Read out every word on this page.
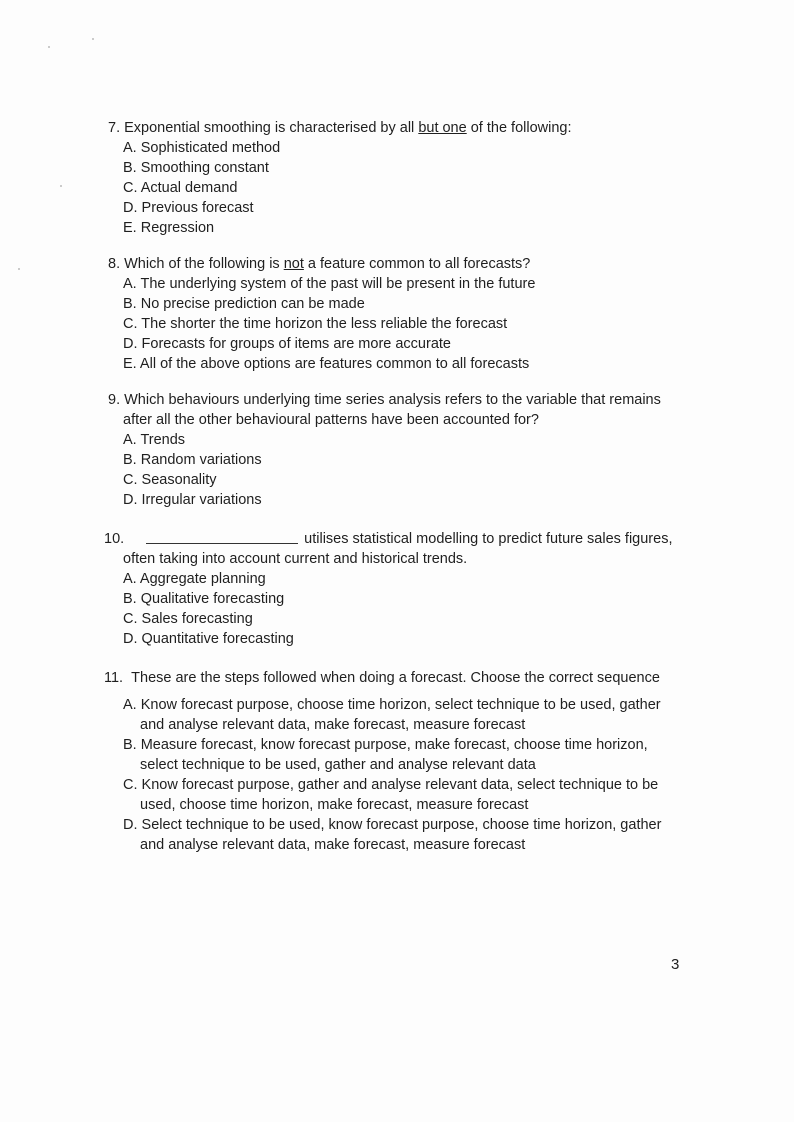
7. Exponential smoothing is characterised by all but one of the following:
A. Sophisticated method
B. Smoothing constant
C. Actual demand
D. Previous forecast
E. Regression
8. Which of the following is not a feature common to all forecasts?
A. The underlying system of the past will be present in the future
B. No precise prediction can be made
C. The shorter the time horizon the less reliable the forecast
D. Forecasts for groups of items are more accurate
E. All of the above options are features common to all forecasts
9. Which behaviours underlying time series analysis refers to the variable that remains
after all the other behavioural patterns have been accounted for?
A. Trends
B. Random variations
C. Seasonality
D. Irregular variations
10.	utilises statistical modelling to predict future sales figures,
often taking into account current and historical trends.
A. Aggregate planning
B. Qualitative forecasting
C. Sales forecasting
D. Quantitative forecasting
11. These are the steps followed when doing a forecast. Choose the correct sequence
A. Know forecast purpose, choose time horizon, select technique to be used, gather
and analyse relevant data, make forecast, measure forecast
B. Measure forecast, know forecast purpose, make forecast, choose time horizon,
select technique to be used, gather and analyse relevant data
C. Know forecast purpose, gather and analyse relevant data, select technique to be
used, choose time horizon, make forecast, measure forecast
D. Select technique to be used, know forecast purpose, choose time horizon, gather
and analyse relevant data, make forecast, measure forecast
3
